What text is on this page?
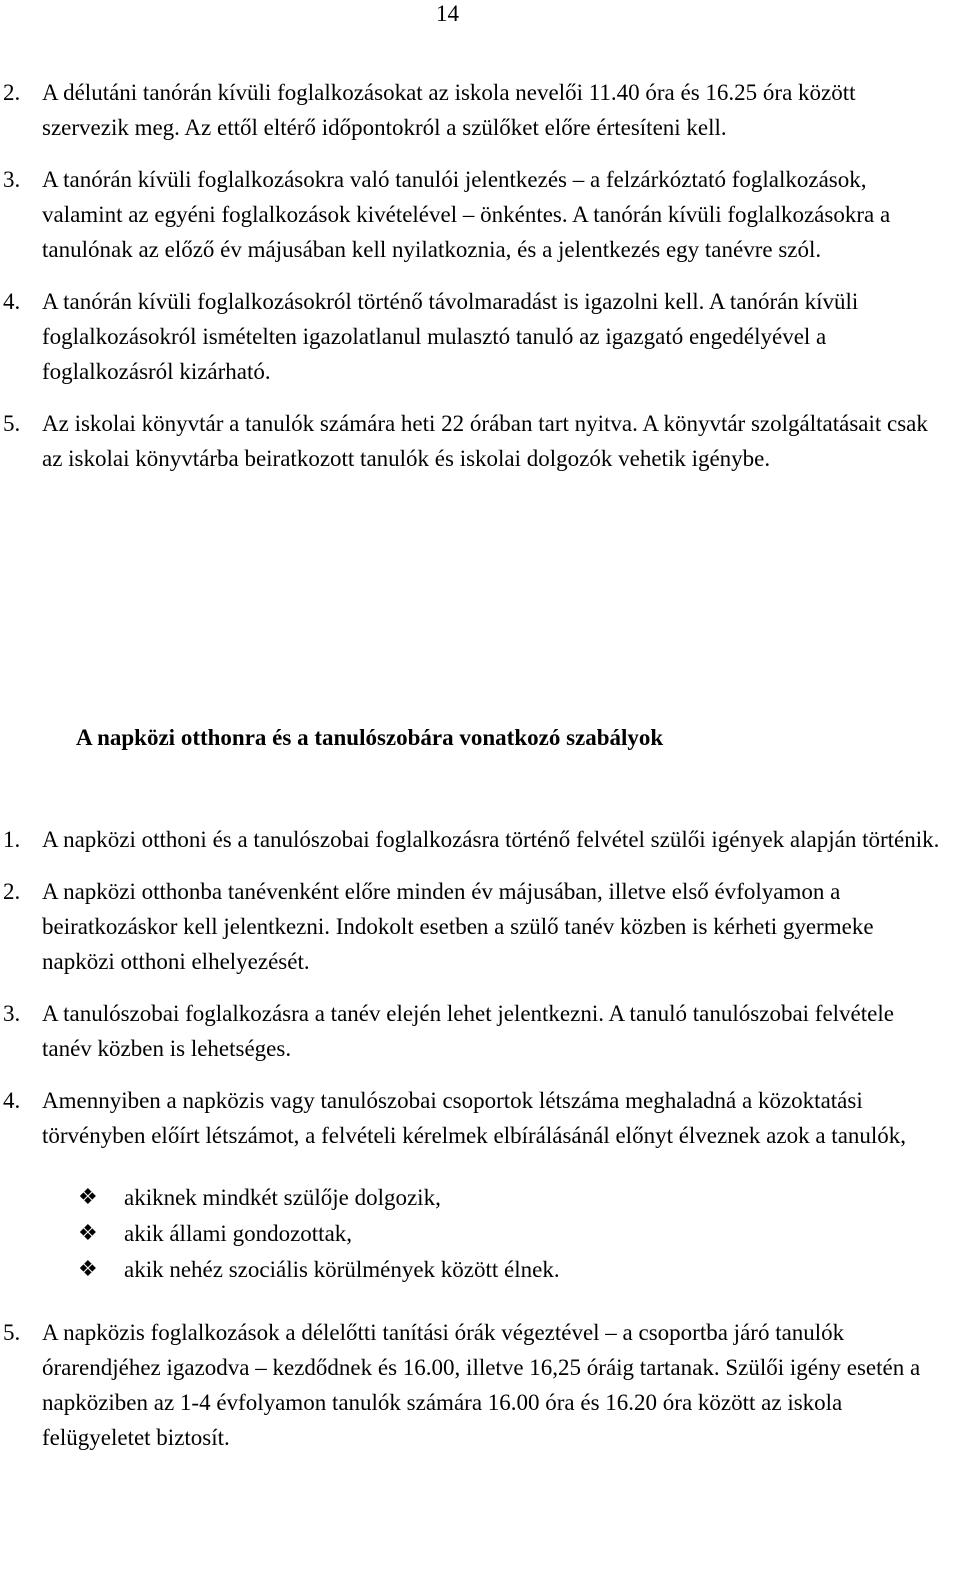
14
2. A délutáni tanórán kívüli foglalkozásokat az iskola nevelői 11.40 óra és 16.25 óra között szervezik meg. Az ettől eltérő időpontokról a szülőket előre értesíteni kell.
3. A tanórán kívüli foglalkozásokra való tanulói jelentkezés – a felzárkóztató foglalkozások, valamint az egyéni foglalkozások kivételével – önkéntes. A tanórán kívüli foglalkozásokra a tanulónak az előző év májusában kell nyilatkoznia, és a jelentkezés egy tanévre szól.
4. A tanórán kívüli foglalkozásokról történő távolmaradást is igazolni kell. A tanórán kívüli foglalkozásokról ismételten igazolatlanul mulasztó tanuló az igazgató engedélyével a foglalkozásról kizárható.
5. Az iskolai könyvtár a tanulók számára heti 22 órában tart nyitva. A könyvtár szolgáltatásait csak az iskolai könyvtárba beiratkozott tanulók és iskolai dolgozók vehetik igénybe.
A napközi otthonra és a tanulószobára vonatkozó szabályok
1. A napközi otthoni és a tanulószobai foglalkozásra történő felvétel szülői igények alapján történik.
2. A napközi otthonba tanévenként előre minden év májusában, illetve első évfolyamon a beiratkozáskor kell jelentkezni. Indokolt esetben a szülő tanév közben is kérheti gyermeke napközi otthoni elhelyezését.
3. A tanulószobai foglalkozásra a tanév elején lehet jelentkezni. A tanuló tanulószobai felvétele tanév közben is lehetséges.
4. Amennyiben a napközis vagy tanulószobai csoportok létszáma meghaladná a közoktatási törvényben előírt létszámot, a felvételi kérelmek elbírálásánál előnyt élveznek azok a tanulók,
❖ akiknek mindkét szülője dolgozik,
❖ akik állami gondozottak,
❖ akik nehéz szociális körülmények között élnek.
5. A napközis foglalkozások a délelőtti tanítási órák végeztével – a csoportba járó tanulók órarendjéhez igazodva – kezdődnek és 16.00, illetve 16,25 óráig tartanak. Szülői igény esetén a napköziben az 1-4 évfolyamon tanulók számára 16.00 óra és 16.20 óra között az iskola felügyeletet biztosít.
